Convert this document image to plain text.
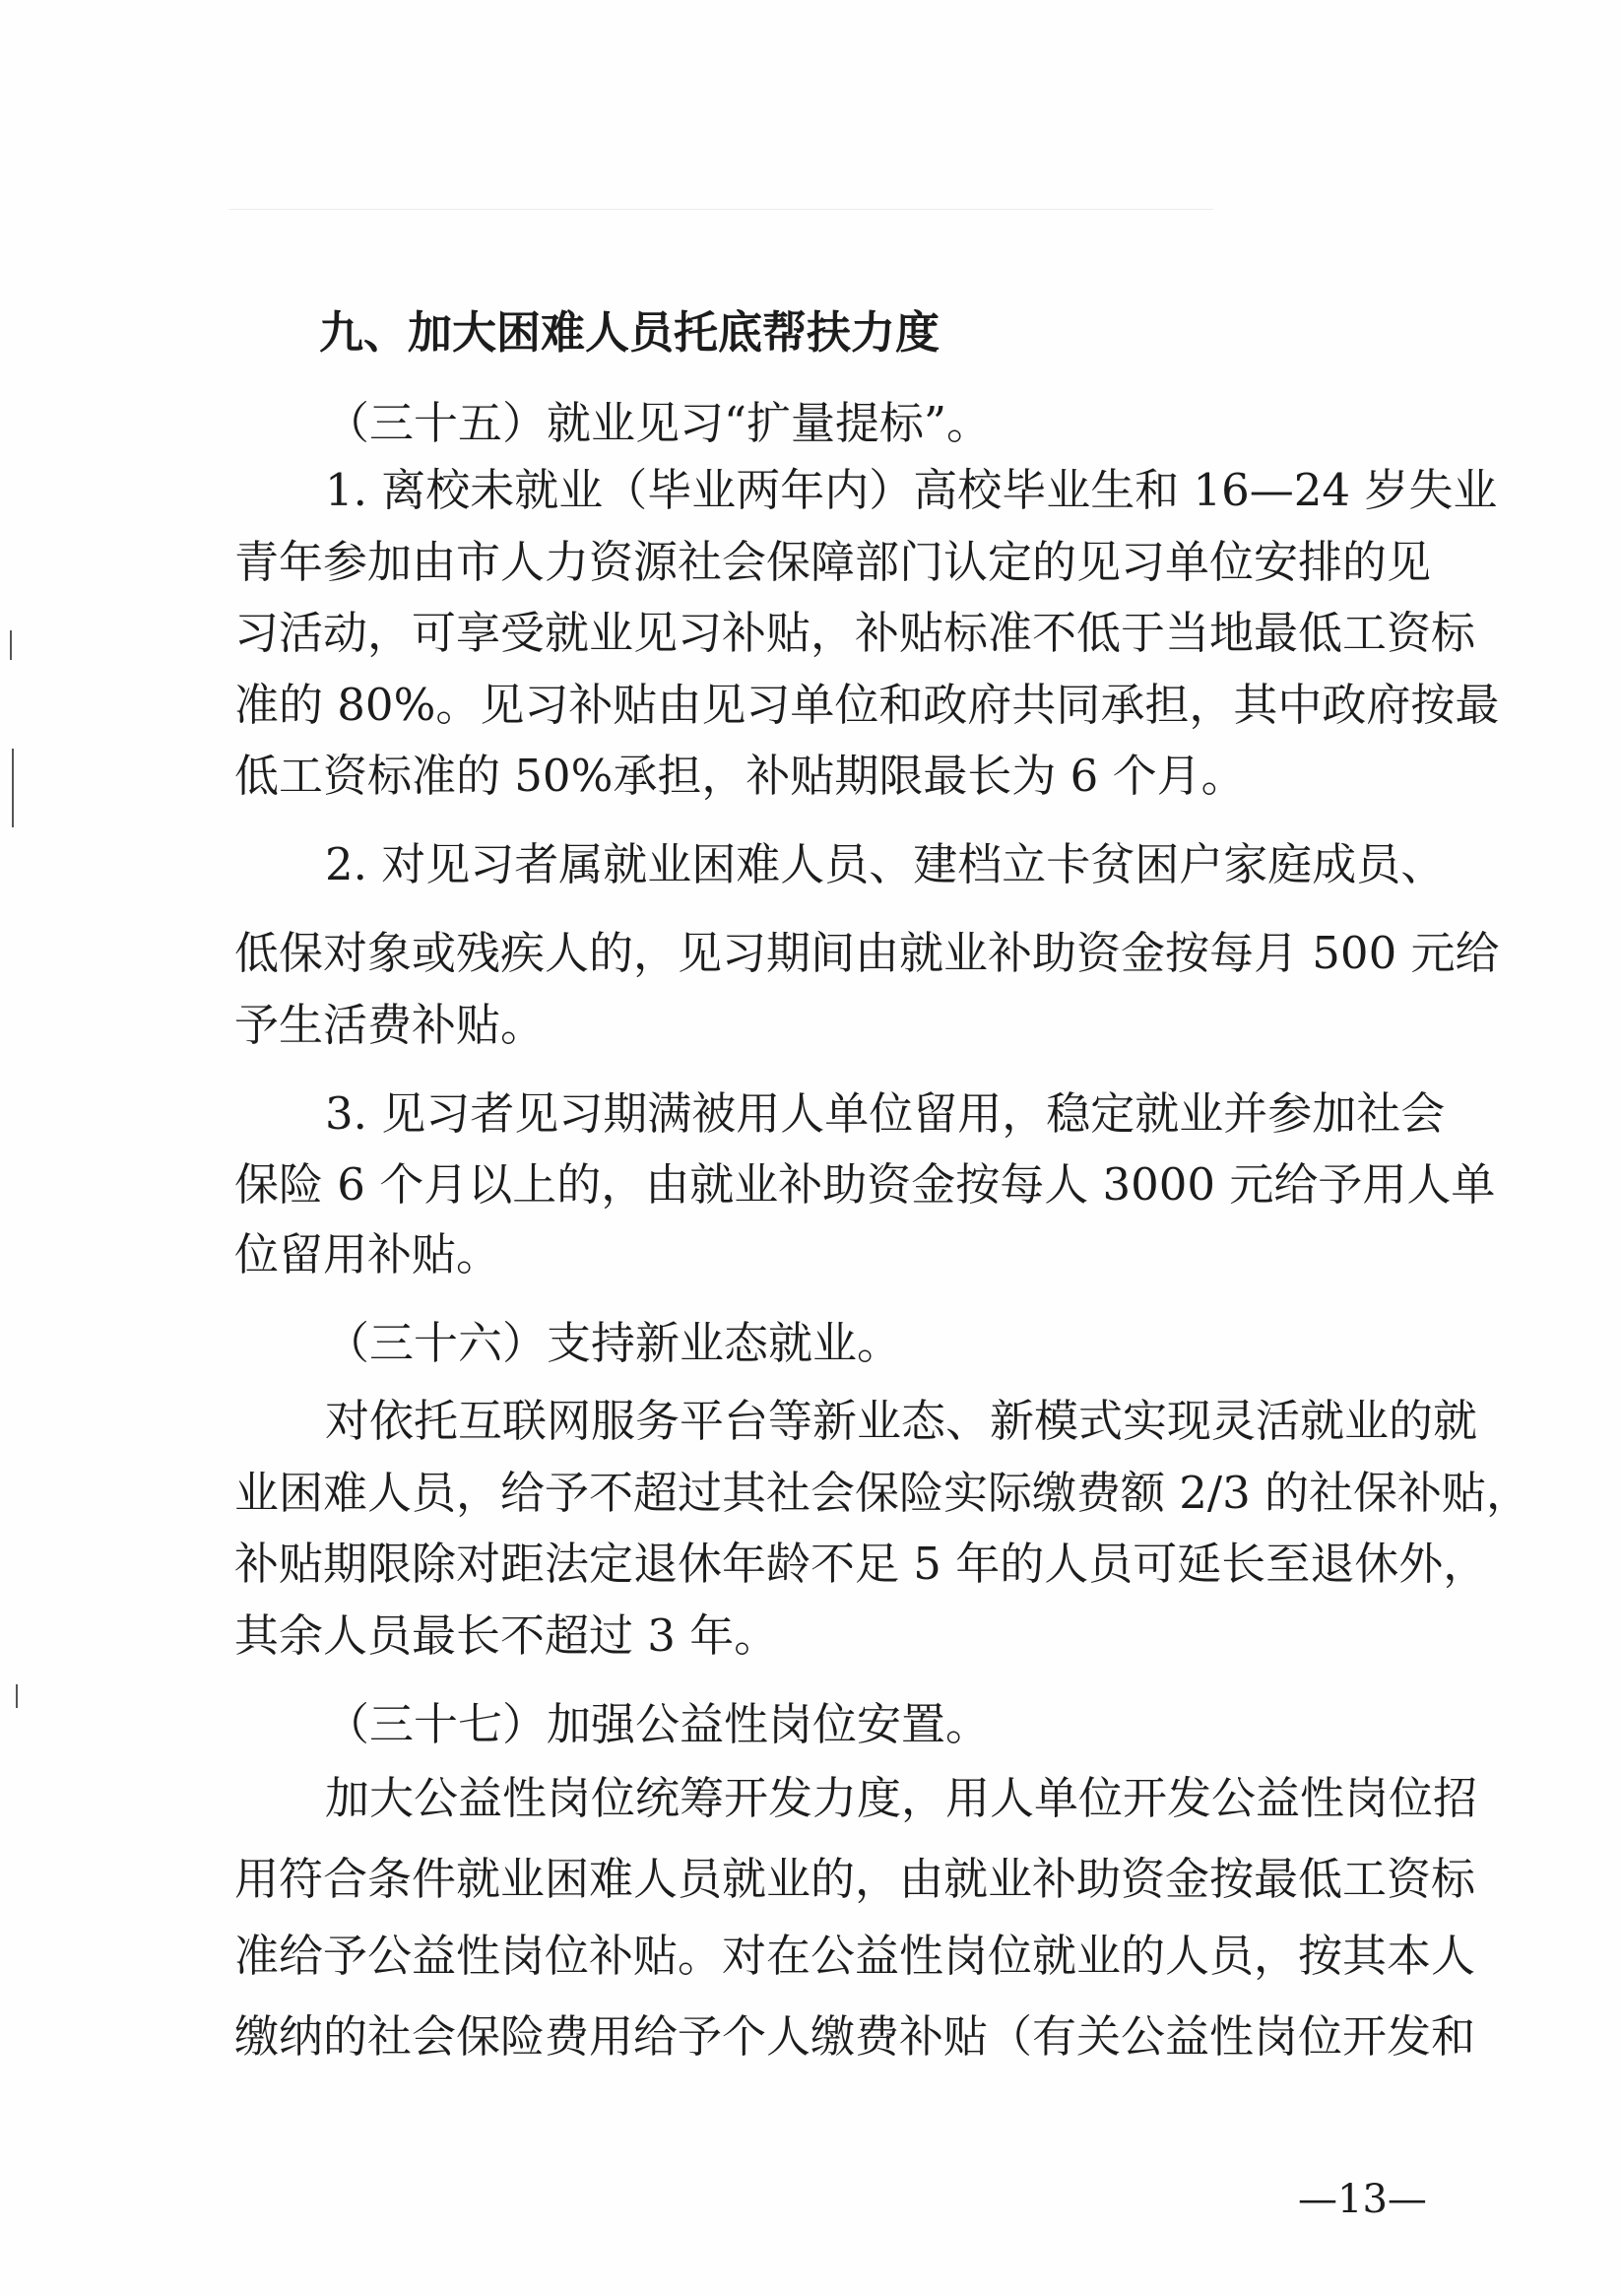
九、加大困难人员托底帮扶力度
（三十五）就业见习“扩量提标”。
1. 离校未就业（毕业两年内）高校毕业生和 16—24 岁失业
青年参加由市人力资源社会保障部门认定的见习单位安排的见
习活动，可享受就业见习补贴，补贴标准不低于当地最低工资标
准的 80%。见习补贴由见习单位和政府共同承担，其中政府按最
低工资标准的 50%承担，补贴期限最长为 6 个月。
2. 对见习者属就业困难人员、建档立卡贫困户家庭成员、
低保对象或残疾人的，见习期间由就业补助资金按每月 500 元给
予生活费补贴。
3. 见习者见习期满被用人单位留用，稳定就业并参加社会
保险 6 个月以上的，由就业补助资金按每人 3000 元给予用人单
位留用补贴。
（三十六）支持新业态就业。
对依托互联网服务平台等新业态、新模式实现灵活就业的就
业困难人员，给予不超过其社会保险实际缴费额 2/3 的社保补贴，
补贴期限除对距法定退休年龄不足 5 年的人员可延长至退休外，
其余人员最长不超过 3 年。
（三十七）加强公益性岗位安置。
加大公益性岗位统筹开发力度，用人单位开发公益性岗位招
用符合条件就业困难人员就业的，由就业补助资金按最低工资标
准给予公益性岗位补贴。对在公益性岗位就业的人员，按其本人
缴纳的社会保险费用给予个人缴费补贴（有关公益性岗位开发和
—13—
